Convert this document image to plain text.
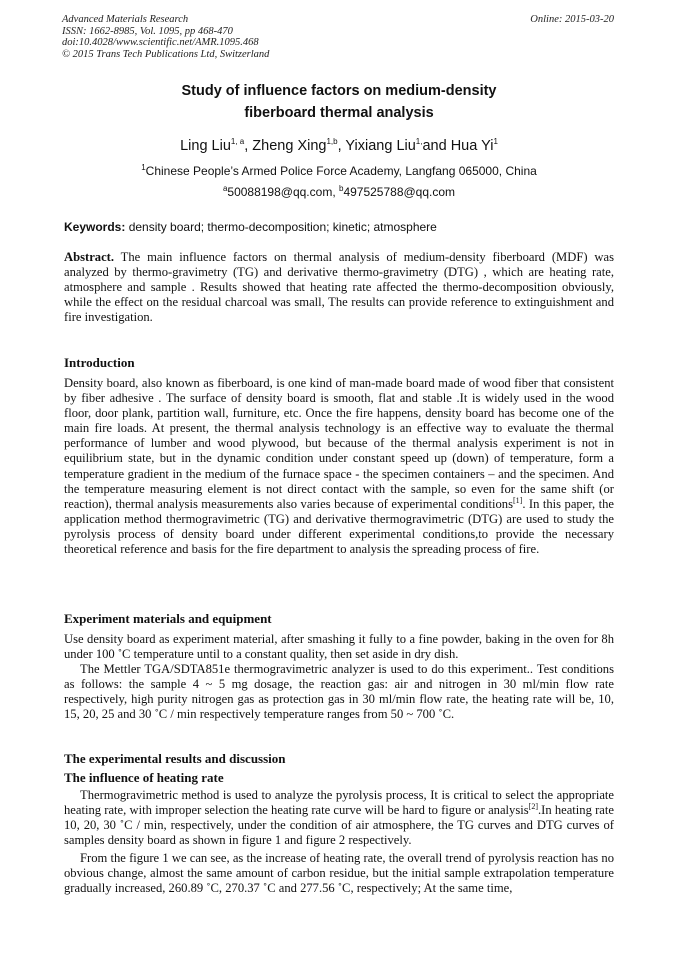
Advanced Materials Research
ISSN: 1662-8985, Vol. 1095, pp 468-470
doi:10.4028/www.scientific.net/AMR.1095.468
© 2015 Trans Tech Publications Ltd, Switzerland
Online: 2015-03-20
Study of influence factors on medium-density
fiberboard thermal analysis
Ling Liu$^{1, a}$, Zheng Xing$^{1,b}$, Yixiang Liu$^{1,}$and Hua Yi$^1$
$^1$Chinese People’s Armed Police Force Academy, Langfang 065000, China
$^a$50088198@qq.com, $^b$497525788@qq.com
Keywords: density board; thermo-decomposition; kinetic; atmosphere

Abstract. The main influence factors on thermal analysis of medium-density fiberboard (MDF) was analyzed by thermo-gravimetry (TG) and derivative thermo-gravimetry (DTG) , which are heating rate, atmosphere and sample . Results showed that heating rate affected the thermo-decomposition obviously, while the effect on the residual charcoal was small, The results can provide reference to extinguishment and fire investigation.

Introduction

Density board, also known as fiberboard, is one kind of man-made board made of wood fiber that consistent by fiber adhesive . The surface of density board is smooth, flat and stable .It is widely used in the wood floor, door plank, partition wall, furniture, etc. Once the fire happens, density board has become one of the main fire loads. At present, the thermal analysis technology is an effective way to evaluate the thermal performance of lumber and wood plywood, but because of the thermal analysis experiment is not in equilibrium state, but in the dynamic condition under constant speed up (down) of temperature, form a temperature gradient in the medium of the furnace space - the specimen containers – and the specimen. And the temperature measuring element is not direct contact with the sample, so even for the same shift (or reaction), thermal analysis measurements also varies because of experimental conditions[1]. In this paper, the application method thermogravimetric (TG) and derivative thermogravimetric (DTG) are used to study the pyrolysis process of density board under different experimental conditions,to provide the necessary theoretical reference and basis for the fire department to analysis the spreading process of fire.

Experiment materials and equipment

Use density board as experiment material, after smashing it fully to a fine powder, baking in the oven for 8h under 100 ˚C temperature until to a constant quality, then set aside in dry dish.

The Mettler TGA/SDTA851e thermogravimetric analyzer is used to do this experiment.. Test conditions as follows: the sample 4 ~ 5 mg dosage, the reaction gas: air and nitrogen in 30 ml/min flow rate respectively, high purity nitrogen gas as protection gas in 30 ml/min flow rate, the heating rate will be, 10, 15, 20, 25 and 30 ˚C / min respectively temperature ranges from 50 ~ 700 ˚C.

The experimental results and discussion
The influence of heating rate

Thermogravimetric method is used to analyze the pyrolysis process, It is critical to select the appropriate heating rate, with improper selection the heating rate curve will be hard to figure or analysis[2].In heating rate 10, 20, 30 ˚C / min, respectively, under the condition of air atmosphere, the TG curves and DTG curves of samples density board as shown in figure 1 and figure 2 respectively.

From the figure 1 we can see, as the increase of heating rate, the overall trend of pyrolysis reaction has no obvious change, almost the same amount of carbon residue, but the initial sample extrapolation temperature gradually increased, 260.89 ˚C, 270.37 ˚C and 277.56 ˚C, respectively; At the same time,
